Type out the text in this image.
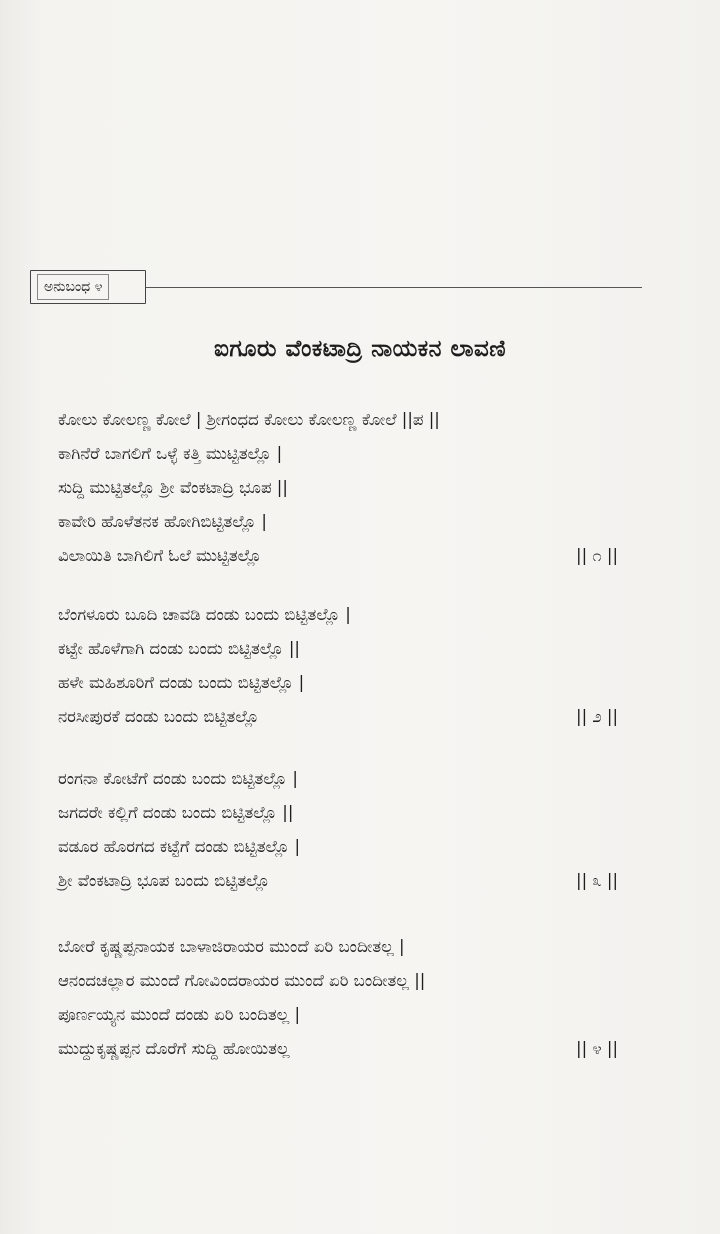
ಅನುಬಂಧ ೪
ಐಗೂರು ವೆಂಕಟಾದ್ರಿ ನಾಯಕನ ಲಾವಣಿ
ಕೋಲು ಕೋಲಣ್ಣ ಕೋಲೆ | ಶ್ರೀಗಂಧದ ಕೋಲು ಕೋಲಣ್ಣ ಕೋಲೆ ||ಪ ||
ಕಾಗಿನೆರೆ ಬಾಗಲಿಗೆ ಒಳ್ಳೆ ಕತ್ತಿ ಮುಟ್ಟಿತಲ್ಲೊ |
ಸುದ್ದಿ ಮುಟ್ಟಿತಲ್ಲೊ ಶ್ರೀ ವೆಂಕಟಾದ್ರಿ ಭೂಪ ||
ಕಾವೇರಿ ಹೊಳೆತನಕ ಹೋಗಿಬಿಟ್ಟಿತಲ್ಲೊ |
ವಿಲಾಯಿತಿ ಬಾಗಿಲಿಗೆ ಓಲೆ ಮುಟ್ಟಿತಲ್ಲೊ	|| ೧ ||
ಬೆಂಗಳೂರು ಬೂದಿ ಚಾವಡಿ ದಂಡು ಬಂದು ಬಿಟ್ಟಿತಲ್ಲೊ |
ಕಟ್ಟೇ ಹೊಳೆಗಾಗಿ ದಂಡು ಬಂದು ಬಿಟ್ಟಿತಲ್ಲೊ ||
ಹಳೇ ಮಹಿಶೂರಿಗೆ ದಂಡು ಬಂದು ಬಿಟ್ಟಿತಲ್ಲೊ |
ನರಸೀಪುರಕೆ ದಂಡು ಬಂದು ಬಿಟ್ಟಿತಲ್ಲೊ	|| ೨ ||
ರಂಗನಾ ಕೋಟೆಗೆ ದಂಡು ಬಂದು ಬಿಟ್ಟಿತಲ್ಲೊ |
ಜಗದರೇ ಕಲ್ಲಿಗೆ ದಂಡು ಬಂದು ಬಿಟ್ಟಿತಲ್ಲೊ ||
ವಡೂರ ಹೊರಗದ ಕಟ್ಟೆಗೆ ದಂಡು ಬಿಟ್ಟಿತಲ್ಲೊ |
ಶ್ರೀ ವೆಂಕಟಾದ್ರಿ ಭೂಪ ಬಂದು ಬಿಟ್ಟಿತಲ್ಲೊ	|| ೩ ||
ಬೋರೆ ಕೃಷ್ಣಪ್ಪನಾಯಕ ಬಾಳಾಜಿರಾಯರ ಮುಂದೆ ಏರಿ ಬಂದೀತಲ್ಲ |
ಆನಂದಚಲ್ಲಾರ ಮುಂದೆ ಗೋವಿಂದರಾಯರ ಮುಂದೆ ಏರಿ ಬಂದೀತಲ್ಲ ||
ಪೂರ್ಣಯ್ಯನ ಮುಂದೆ ದಂಡು ಏರಿ ಬಂದಿತಲ್ಲ |
ಮುದ್ದುಕೃಷ್ಣಪ್ಪನ ದೊರೆಗೆ ಸುದ್ದಿ ಹೋಯಿತಲ್ಲ	|| ೪ ||
